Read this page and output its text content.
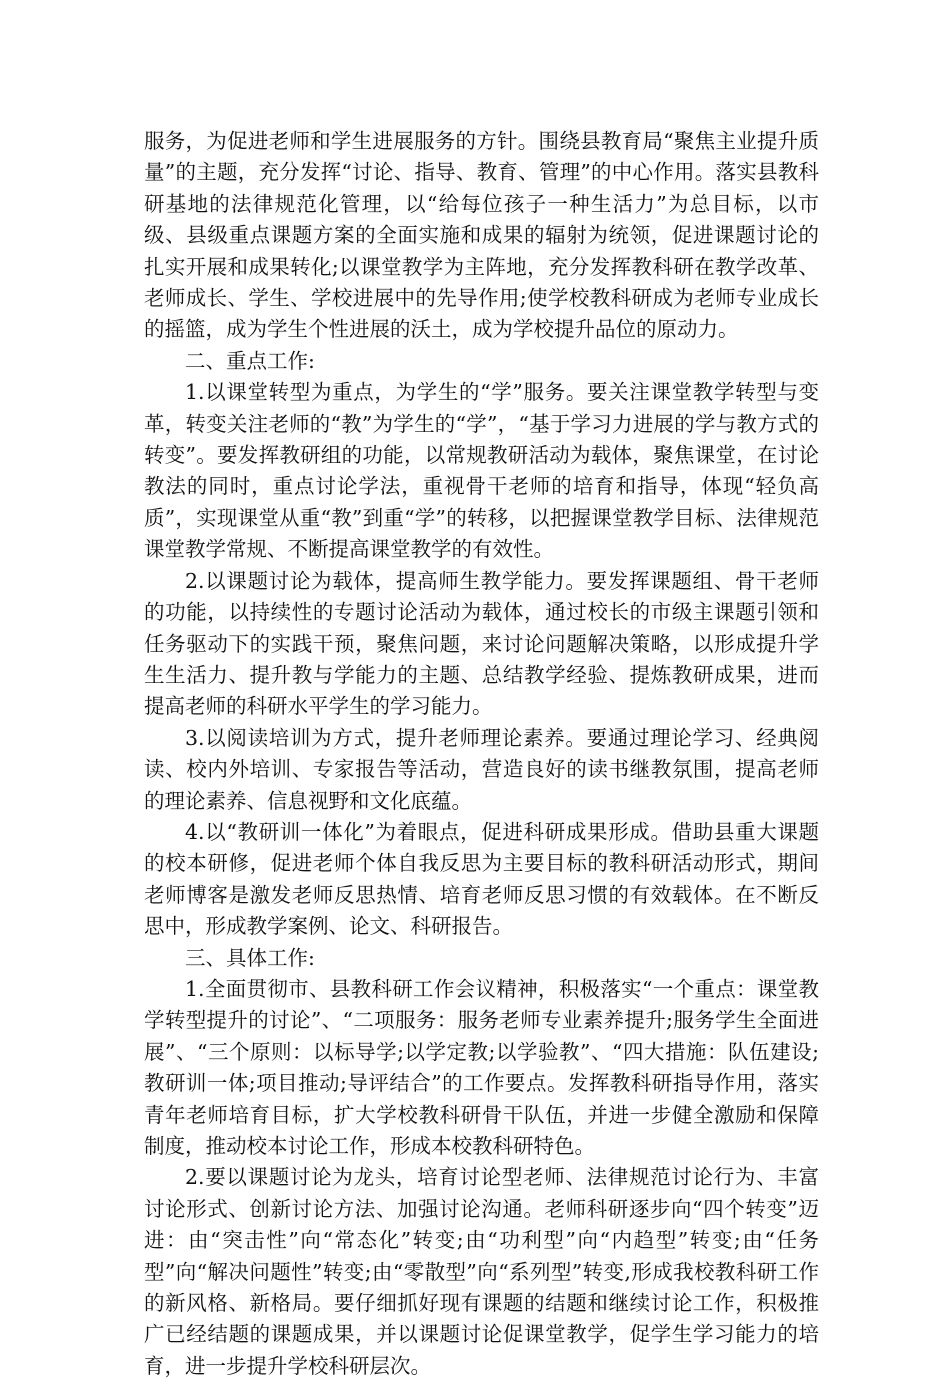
服务，为促进老师和学生进展服务的方针。围绕县教育局“聚焦主业提升质量”的主题，充分发挥“讨论、指导、教育、管理”的中心作用。落实县教科研基地的法律规范化管理，以“给每位孩子一种生活力”为总目标，以市级、县级重点课题方案的全面实施和成果的辐射为统领，促进课题讨论的扎实开展和成果转化;以课堂教学为主阵地，充分发挥教科研在教学改革、老师成长、学生、学校进展中的先导作用;使学校教科研成为老师专业成长的摇篮，成为学生个性进展的沃土，成为学校提升品位的原动力。

二、重点工作:

1.以课堂转型为重点，为学生的“学”服务。要关注课堂教学转型与变革，转变关注老师的“教”为学生的“学”，“基于学习力进展的学与教方式的转变”。要发挥教研组的功能，以常规教研活动为载体，聚焦课堂，在讨论教法的同时，重点讨论学法，重视骨干老师的培育和指导，体现“轻负高质”，实现课堂从重“教”到重“学”的转移，以把握课堂教学目标、法律规范课堂教学常规、不断提高课堂教学的有效性。

2.以课题讨论为载体，提高师生教学能力。要发挥课题组、骨干老师的功能，以持续性的专题讨论活动为载体，通过校长的市级主课题引领和任务驱动下的实践干预，聚焦问题，来讨论问题解决策略，以形成提升学生生活力、提升教与学能力的主题、总结教学经验、提炼教研成果，进而提高老师的科研水平学生的学习能力。

3.以阅读培训为方式，提升老师理论素养。要通过理论学习、经典阅读、校内外培训、专家报告等活动，营造良好的读书继教氛围，提高老师的理论素养、信息视野和文化底蕴。

4.以“教研训一体化”为着眼点，促进科研成果形成。借助县重大课题的校本研修，促进老师个体自我反思为主要目标的教科研活动形式，期间老师博客是激发老师反思热情、培育老师反思习惯的有效载体。在不断反思中，形成教学案例、论文、科研报告。

三、具体工作:

1.全面贯彻市、县教科研工作会议精神，积极落实“一个重点：课堂教学转型提升的讨论”、“二项服务：服务老师专业素养提升;服务学生全面进展”、“三个原则：以标导学;以学定教;以学验教”、“四大措施：队伍建设;教研训一体;项目推动;导评结合”的工作要点。发挥教科研指导作用，落实青年老师培育目标，扩大学校教科研骨干队伍，并进一步健全激励和保障制度，推动校本讨论工作，形成本校教科研特色。

2.要以课题讨论为龙头，培育讨论型老师、法律规范讨论行为、丰富讨论形式、创新讨论方法、加强讨论沟通。老师科研逐步向“四个转变”迈进：由“突击性”向“常态化”转变;由“功利型”向“内趋型”转变;由“任务型”向“解决问题性”转变;由“零散型”向“系列型”转变,形成我校教科研工作的新风格、新格局。要仔细抓好现有课题的结题和继续讨论工作，积极推广已经结题的课题成果，并以课题讨论促课堂教学，促学生学习能力的培育，进一步提升学校科研层次。
